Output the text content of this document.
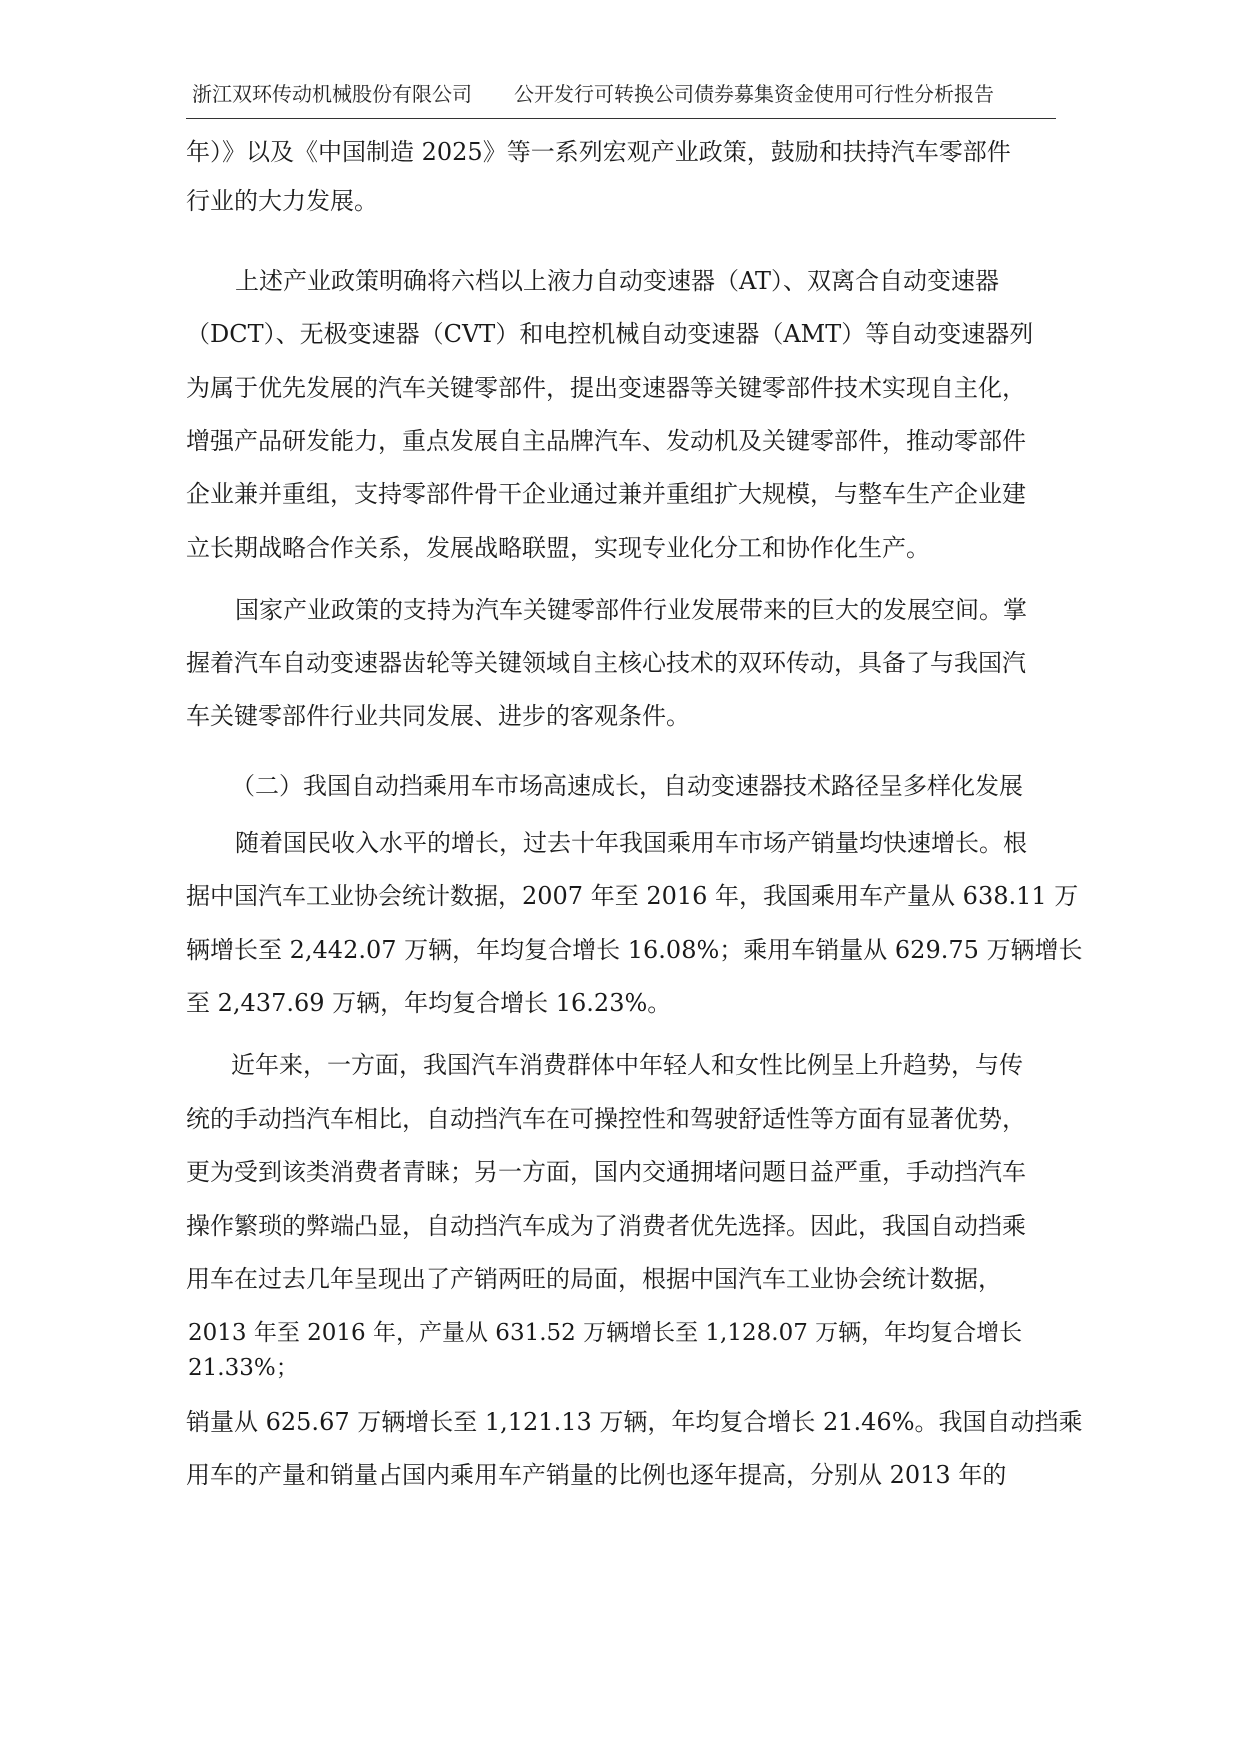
浙江双环传动机械股份有限公司 公开发行可转换公司债券募集资金使用可行性分析报告
年）》以及《中国制造 2025》等一系列宏观产业政策，鼓励和扶持汽车零部件
行业的大力发展。
上述产业政策明确将六档以上液力自动变速器（AT）、双离合自动变速器
（DCT）、无极变速器（CVT）和电控机械自动变速器（AMT）等自动变速器列
为属于优先发展的汽车关键零部件，提出变速器等关键零部件技术实现自主化，
增强产品研发能力，重点发展自主品牌汽车、发动机及关键零部件，推动零部件
企业兼并重组，支持零部件骨干企业通过兼并重组扩大规模，与整车生产企业建
立长期战略合作关系，发展战略联盟，实现专业化分工和协作化生产。
国家产业政策的支持为汽车关键零部件行业发展带来的巨大的发展空间。掌
握着汽车自动变速器齿轮等关键领域自主核心技术的双环传动，具备了与我国汽
车关键零部件行业共同发展、进步的客观条件。
（二）我国自动挡乘用车市场高速成长，自动变速器技术路径呈多样化发展
随着国民收入水平的增长，过去十年我国乘用车市场产销量均快速增长。根
据中国汽车工业协会统计数据，2007 年至 2016 年，我国乘用车产量从 638.11 万
辆增长至 2,442.07 万辆，年均复合增长 16.08%；乘用车销量从 629.75 万辆增长
至 2,437.69 万辆，年均复合增长 16.23%。
近年来，一方面，我国汽车消费群体中年轻人和女性比例呈上升趋势，与传
统的手动挡汽车相比，自动挡汽车在可操控性和驾驶舒适性等方面有显著优势，
更为受到该类消费者青睐；另一方面，国内交通拥堵问题日益严重，手动挡汽车
操作繁琐的弊端凸显，自动挡汽车成为了消费者优先选择。因此，我国自动挡乘
用车在过去几年呈现出了产销两旺的局面，根据中国汽车工业协会统计数据，
2013 年至 2016 年，产量从 631.52 万辆增长至 1,128.07 万辆，年均复合增长
21.33%；
销量从 625.67 万辆增长至 1,121.13 万辆，年均复合增长 21.46%。我国自动挡乘
用车的产量和销量占国内乘用车产销量的比例也逐年提高，分别从 2013 年的
